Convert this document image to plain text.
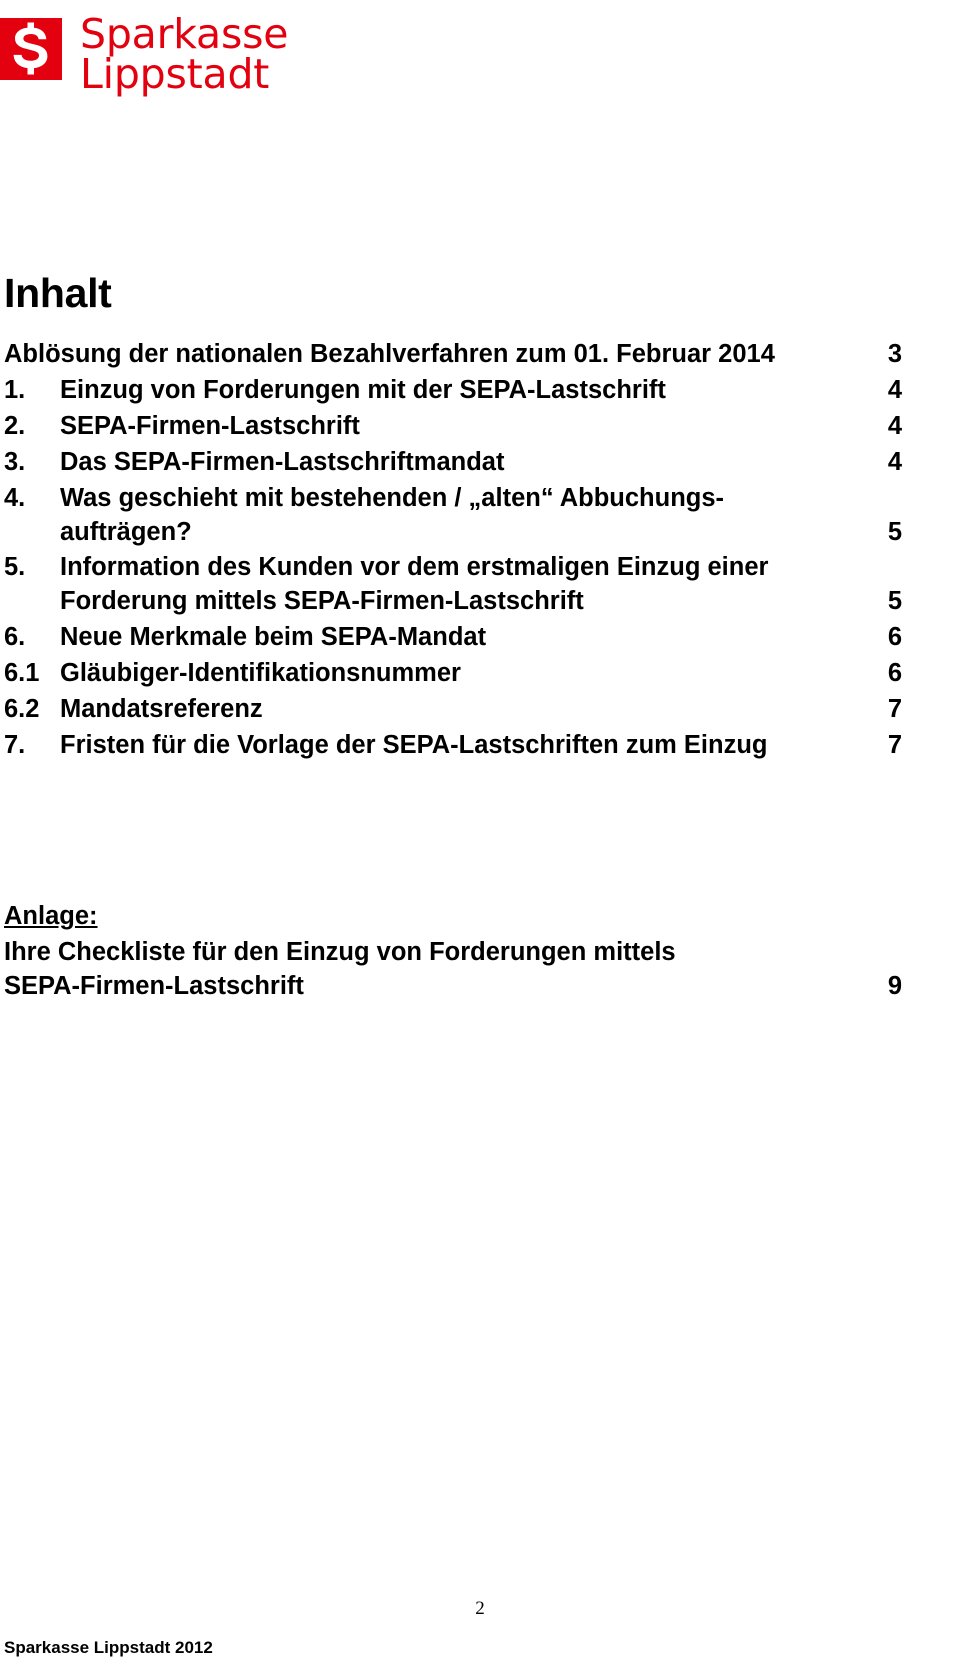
Sparkasse
Lippstadt
Inhalt
Ablösung der nationalen Bezahlverfahren zum 01. Februar 2014	3
1.	Einzug von Forderungen mit der SEPA-Lastschrift	4
2.	SEPA-Firmen-Lastschrift	4
3.	Das SEPA-Firmen-Lastschriftmandat	4
4.	Was geschieht mit bestehenden / „alten“ Abbuchungs-
aufträgen?	5
5.	Information des Kunden vor dem erstmaligen Einzug einer
Forderung mittels SEPA-Firmen-Lastschrift	5
6.	Neue Merkmale beim SEPA-Mandat	6
6.1 Gläubiger-Identifikationsnummer	6
6.2 Mandatsreferenz	7
7.	Fristen für die Vorlage der SEPA-Lastschriften zum Einzug	7
Anlage:
Ihre Checkliste für den Einzug von Forderungen mittels
SEPA-Firmen-Lastschrift	9
2
Sparkasse Lippstadt 2012
